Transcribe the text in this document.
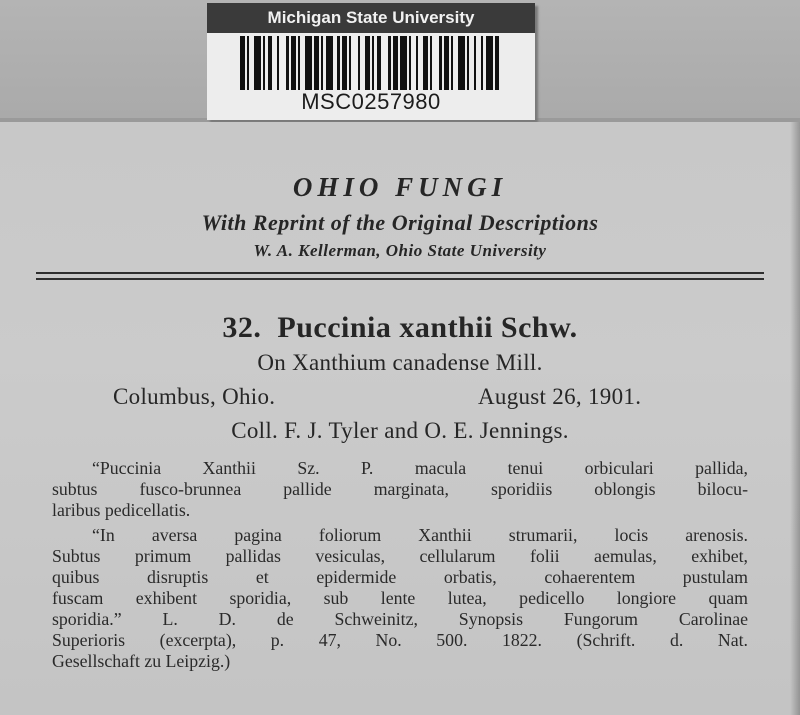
Michigan State University
MSC0257980
OHIO FUNGI
With Reprint of the Original Descriptions
W. A. Kellerman, Ohio State University
32.  Puccinia xanthii Schw.
On Xanthium canadense Mill.
Columbus, Ohio.	August 26, 1901.
Coll. F. J. Tyler and O. E. Jennings.
“Puccinia Xanthii Sz. P. macula tenui orbiculari pallida,
subtus fusco-brunnea pallide marginata, sporidiis oblongis bilocu-
laribus pedicellatis.
“In aversa pagina foliorum Xanthii strumarii, locis arenosis.
Subtus primum pallidas vesiculas, cellularum folii aemulas, exhibet,
quibus disruptis et epidermide orbatis, cohaerentem pustulam
fuscam exhibent sporidia, sub lente lutea, pedicello longiore quam
sporidia.” L. D. de Schweinitz, Synopsis Fungorum Carolinae
Superioris (excerpta), p. 47, No. 500. 1822. (Schrift. d. Nat.
Gesellschaft zu Leipzig.)
